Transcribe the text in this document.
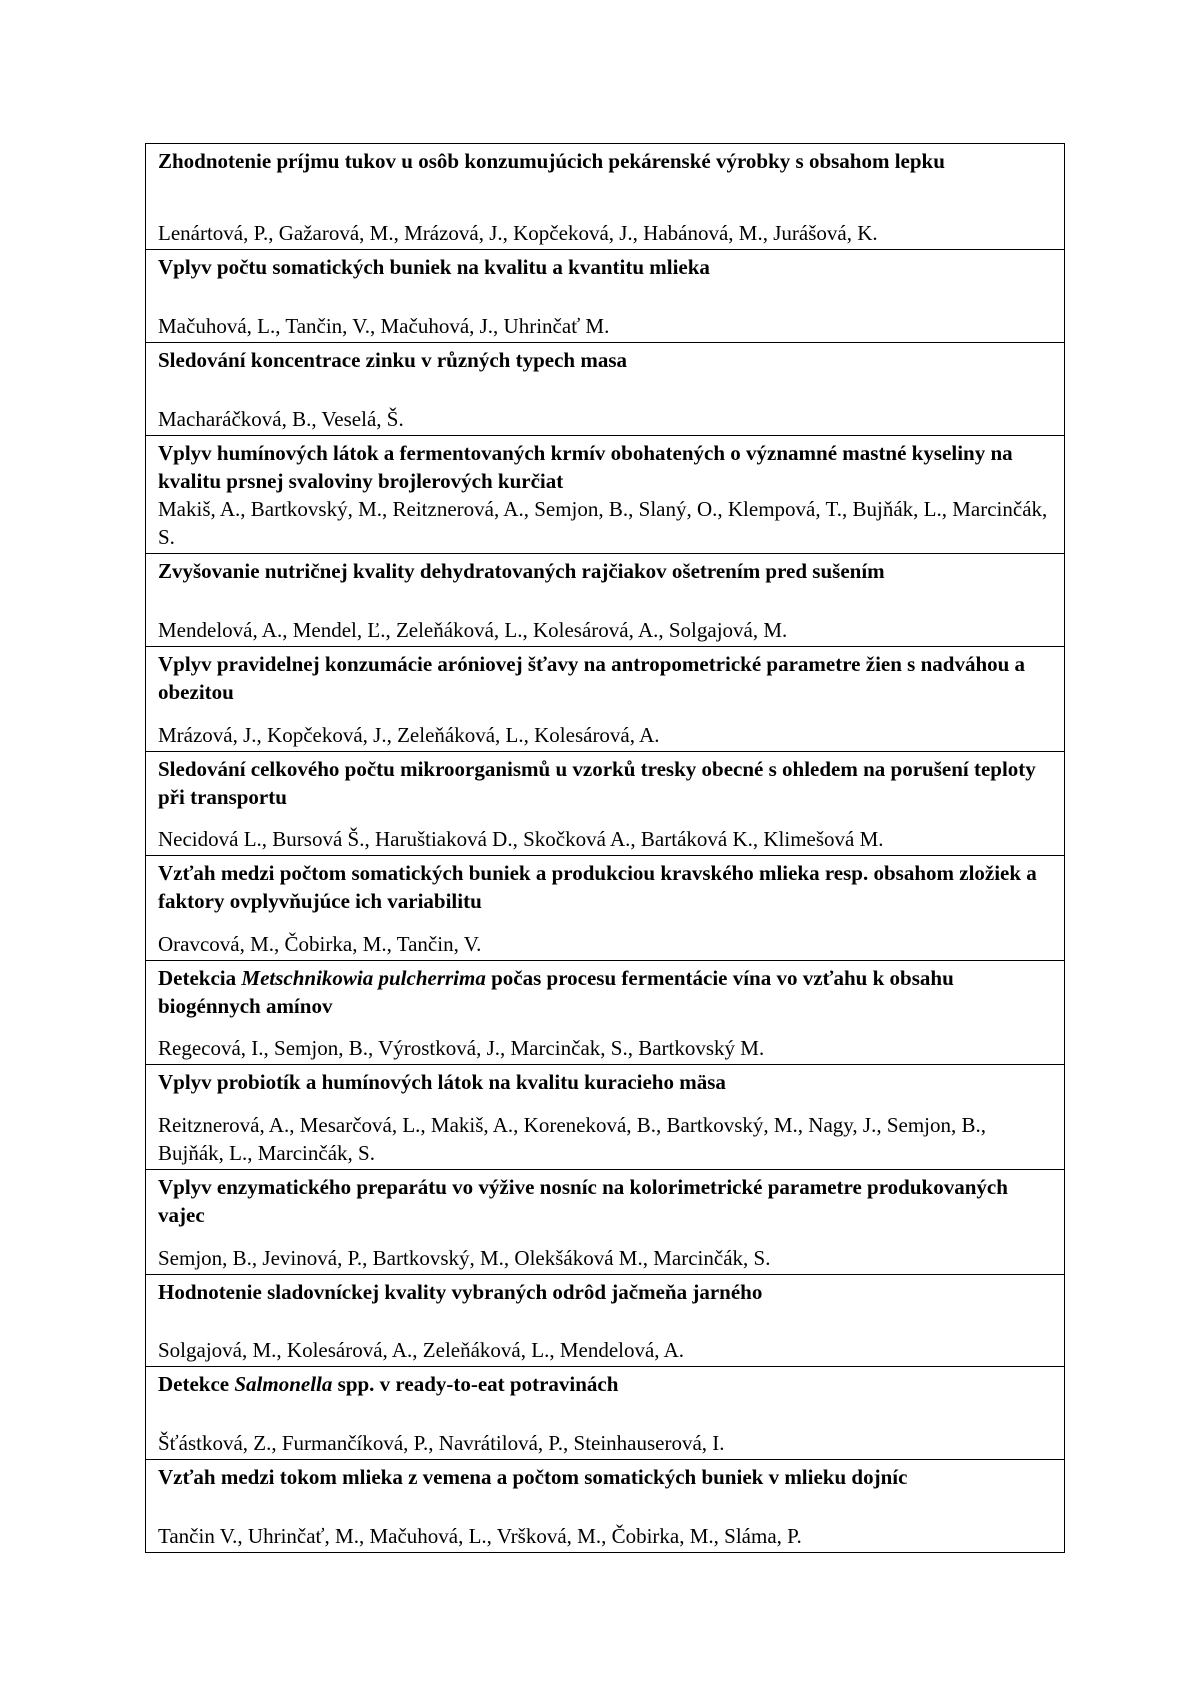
Zhodnotenie príjmu tukov u osôb konzumujúcich pekárenské výrobky s obsahom lepku

Lenártová, P., Gažarová, M., Mrázová, J., Kopčeková, J., Habánová, M., Jurášová, K.

Vplyv počtu somatických buniek na kvalitu a kvantitu mlieka

Mačuhová, L., Tančin, V., Mačuhová, J., Uhrinčať M.

Sledování koncentrace zinku v různých typech masa

Macharáčková, B., Veselá, Š.

Vplyv humínových látok a fermentovaných krmív obohatených o významné mastné kyseliny na kvalitu prsnej svaloviny brojlerových kurčiat

Makiš, A., Bartkovský, M., Reitznerová, A., Semjon, B., Slaný, O., Klempová, T., Bujňák, L., Marcinčák, S.

Zvyšovanie nutričnej kvality dehydratovaných rajčiakov ošetrením pred sušením

Mendelová, A., Mendel, Ľ., Zeleňáková, L., Kolesárová, A., Solgajová, M.

Vplyv pravidelnej konzumácie aróniovej šťavy na antropometrické parametre žien s nadváhou a obezitou

Mrázová, J., Kopčeková, J., Zeleňáková, L., Kolesárová, A.

Sledování celkového počtu mikroorganismů u vzorků tresky obecné s ohledem na porušení teploty při transportu

Necidová L., Bursová Š., Haruštiaková D., Skočková A., Bartáková K., Klimešová M.

Vzťah medzi počtom somatických buniek a produkciou kravského mlieka resp. obsahom zložiek a faktory ovplyvňujúce ich variabilitu

Oravcová, M., Čobirka, M., Tančin, V.

Detekcia Metschnikowia pulcherrima počas procesu fermentácie vína vo vzťahu k obsahu biogénnych amínov

Regecová, I., Semjon, B., Výrostková, J., Marcinčak, S., Bartkovský M.

Vplyv probiotík a humínových látok na kvalitu kuracieho mäsa

Reitznerová, A., Mesarčová, L., Makiš, A., Koreneková, B., Bartkovský, M., Nagy, J., Semjon, B., Bujňák, L., Marcinčák, S.

Vplyv enzymatického preparátu vo výžive nosníc na kolorimetrické parametre produkovaných vajec

Semjon, B., Jevinová, P., Bartkovský, M., Olekšáková M., Marcinčák, S.

Hodnotenie sladovníckej kvality vybraných odrôd jačmeňa jarného

Solgajová, M., Kolesárová, A., Zeleňáková, L., Mendelová, A.

Detekce Salmonella spp. v ready-to-eat potravinách

Šťástková, Z., Furmančíková, P., Navrátilová, P., Steinhauserová, I.

Vzťah medzi tokom mlieka z vemena a počtom somatických buniek v mlieku dojníc

Tančin V., Uhrinčať, M., Mačuhová, L., Vršková, M., Čobirka, M., Sláma, P.
